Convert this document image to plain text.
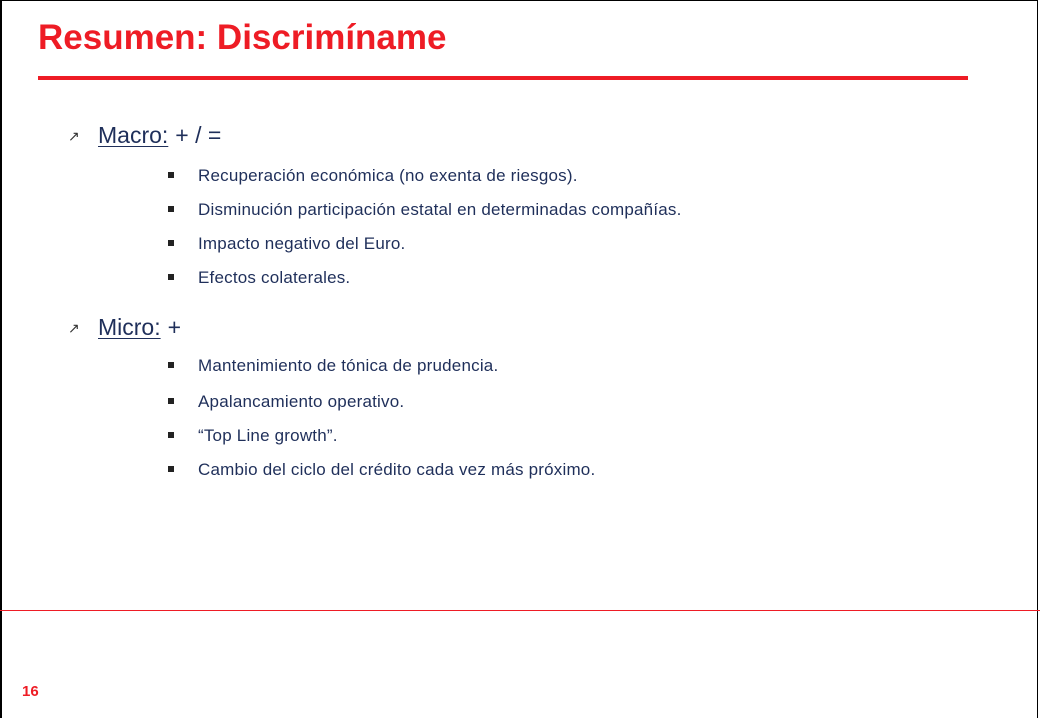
Resumen: Discrimíname
↗ Macro: + / =
Recuperación económica (no exenta de riesgos).
Disminución participación estatal en determinadas compañías.
Impacto negativo del Euro.
Efectos colaterales.
↗ Micro: +
Mantenimiento de tónica de prudencia.
Apalancamiento operativo.
“Top Line growth”.
Cambio del ciclo del crédito cada vez más próximo.
16
